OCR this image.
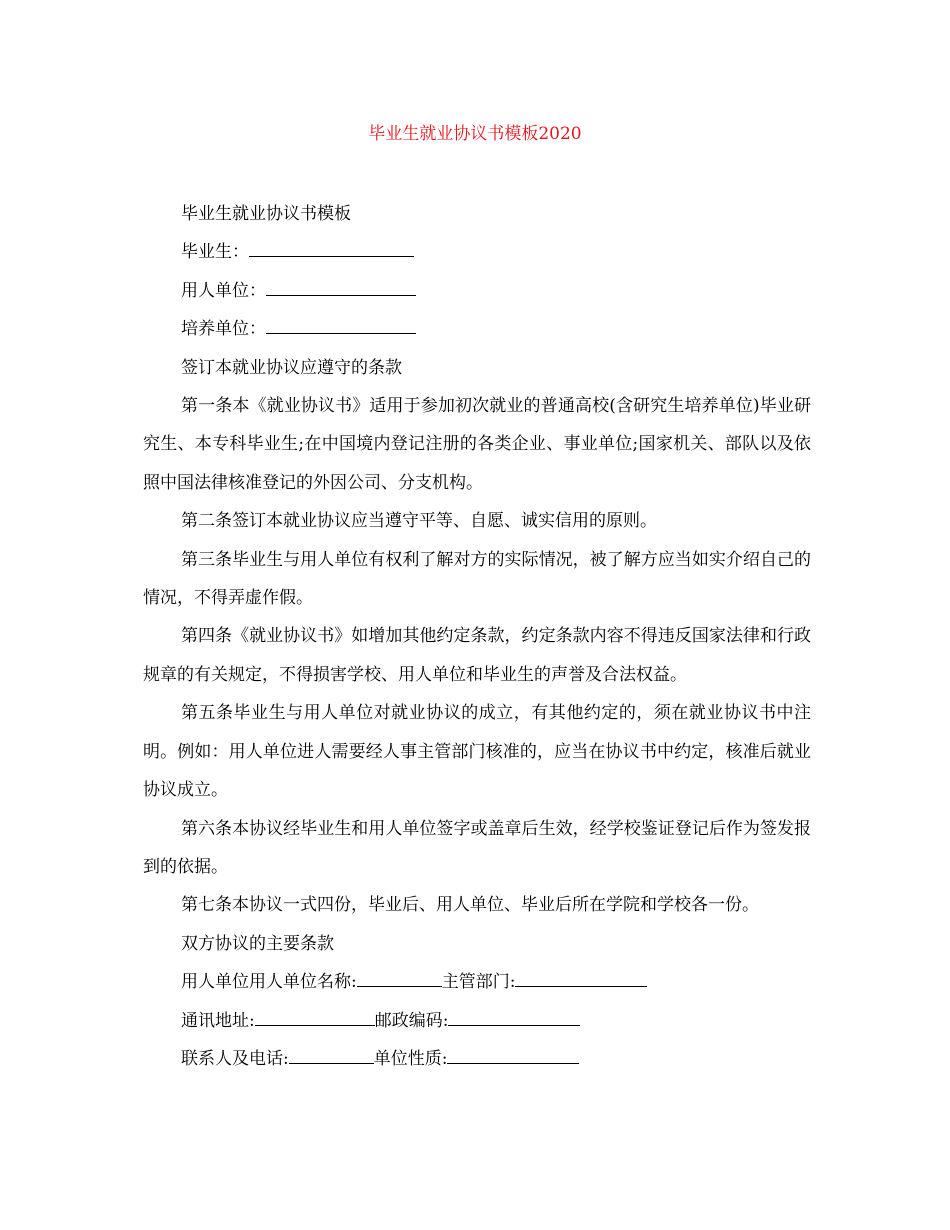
毕业生就业协议书模板2020

毕业生就业协议书模板

毕业生：

用人单位：

培养单位：

签订本就业协议应遵守的条款

第一条本《就业协议书》适用于参加初次就业的普通高校(含研究生培养单位)毕业研究生、本专科毕业生;在中国境内登记注册的各类企业、事业单位;国家机关、部队以及依照中国法律核准登记的外因公司、分支机构。

第二条签订本就业协议应当遵守平等、自愿、诚实信用的原则。

第三条毕业生与用人单位有权利了解对方的实际情况，被了解方应当如实介绍自己的情况，不得弄虚作假。

第四条《就业协议书》如增加其他约定条款，约定条款内容不得违反国家法律和行政规章的有关规定，不得损害学校、用人单位和毕业生的声誉及合法权益。

第五条毕业生与用人单位对就业协议的成立，有其他约定的，须在就业协议书中注明。例如：用人单位进人需要经人事主管部门核准的，应当在协议书中约定，核准后就业协议成立。

第六条本协议经毕业生和用人单位签字或盖章后生效，经学校鉴证登记后作为签发报到的依据。

第七条本协议一式四份，毕业后、用人单位、毕业后所在学院和学校各一份。

双方协议的主要条款

用人单位用人单位名称:	主管部门:

通讯地址:	邮政编码:

联系人及电话:	单位性质:
